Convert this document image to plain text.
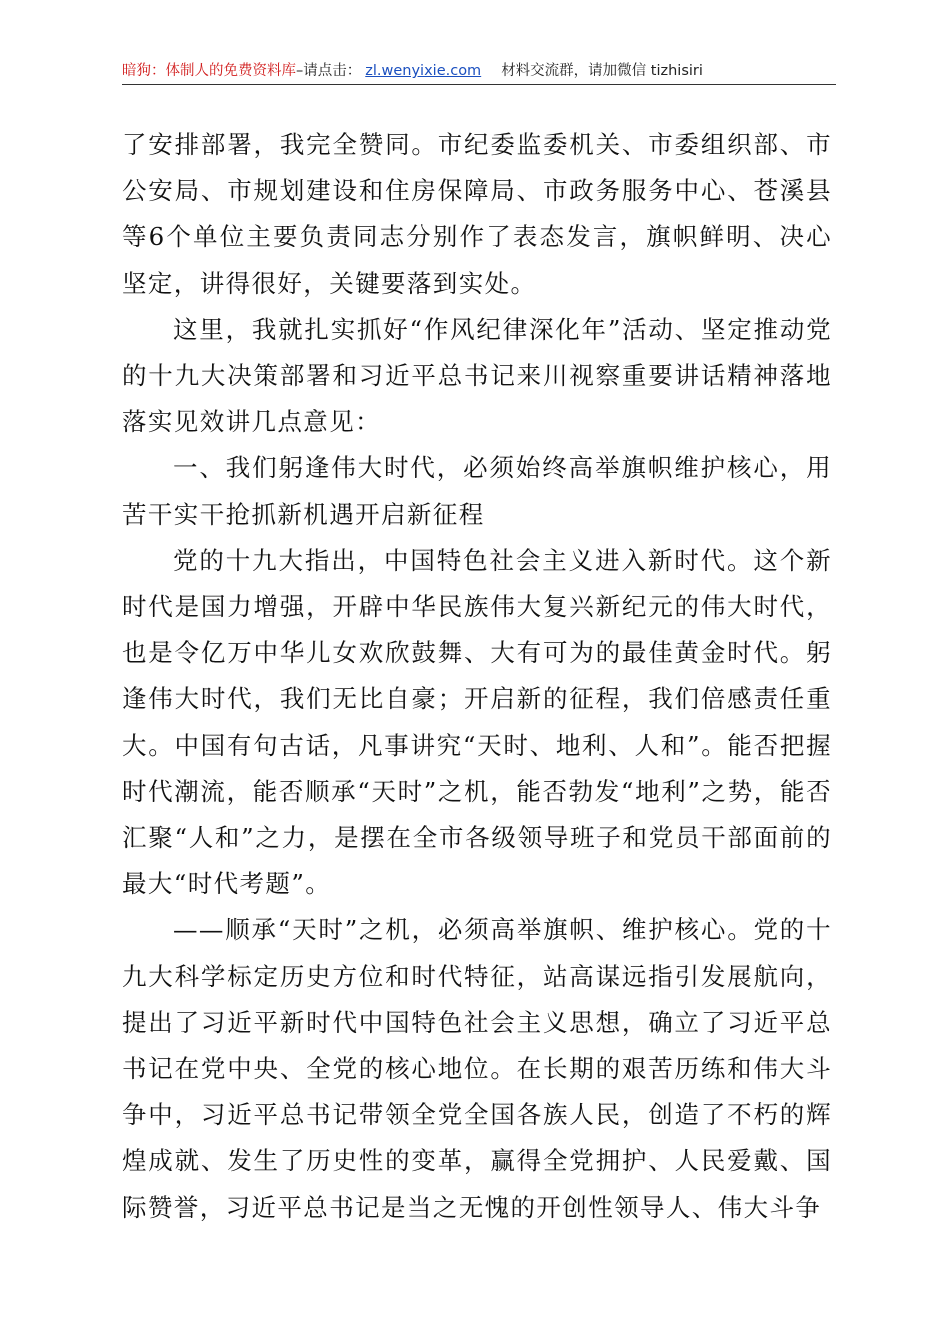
暗狗：体制人的免费资料库–请点击： zl.wenyixie.com 材料交流群，请加微信 tizhisiri

了安排部署，我完全赞同。市纪委监委机关、市委组织部、市公安局、市规划建设和住房保障局、市政务服务中心、苍溪县等6个单位主要负责同志分别作了表态发言，旗帜鲜明、决心坚定，讲得很好，关键要落到实处。

这里，我就扎实抓好“作风纪律深化年”活动、坚定推动党的十九大决策部署和习近平总书记来川视察重要讲话精神落地落实见效讲几点意见：

一、我们躬逢伟大时代，必须始终高举旗帜维护核心，用苦干实干抢抓新机遇开启新征程

党的十九大指出，中国特色社会主义进入新时代。这个新时代是国力增强，开辟中华民族伟大复兴新纪元的伟大时代，也是令亿万中华儿女欢欣鼓舞、大有可为的最佳黄金时代。躬逢伟大时代，我们无比自豪；开启新的征程，我们倍感责任重大。中国有句古话，凡事讲究“天时、地利、人和”。能否把握时代潮流，能否顺承“天时”之机，能否勃发“地利”之势，能否汇聚“人和”之力，是摆在全市各级领导班子和党员干部面前的最大“时代考题”。

——顺承“天时”之机，必须高举旗帜、维护核心。党的十九大科学标定历史方位和时代特征，站高谋远指引发展航向，提出了习近平新时代中国特色社会主义思想，确立了习近平总书记在党中央、全党的核心地位。在长期的艰苦历练和伟大斗争中，习近平总书记带领全党全国各族人民，创造了不朽的辉煌成就、发生了历史性的变革，赢得全党拥护、人民爱戴、国际赞誉，习近平总书记是当之无愧的开创性领导人、伟大斗争
